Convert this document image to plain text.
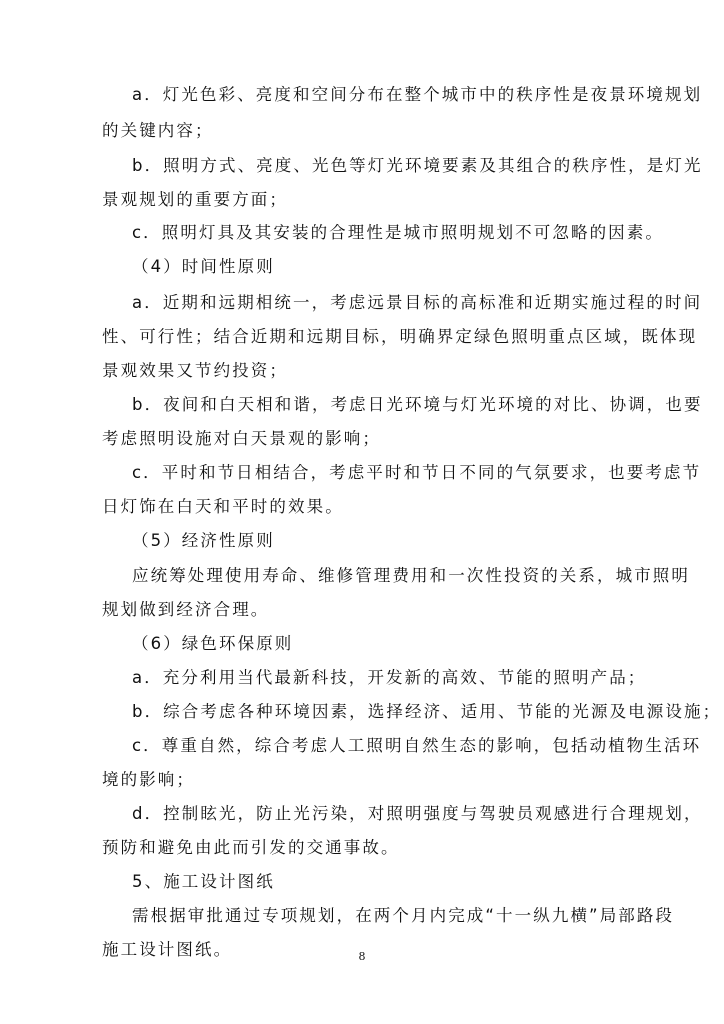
a．灯光色彩、亮度和空间分布在整个城市中的秩序性是夜景环境规划
的关键内容；
b．照明方式、亮度、光色等灯光环境要素及其组合的秩序性，是灯光
景观规划的重要方面；
c．照明灯具及其安装的合理性是城市照明规划不可忽略的因素。
（4）时间性原则
a．近期和远期相统一，考虑远景目标的高标准和近期实施过程的时间
性、可行性；结合近期和远期目标，明确界定绿色照明重点区域，既体现
景观效果又节约投资；
b．夜间和白天相和谐，考虑日光环境与灯光环境的对比、协调，也要
考虑照明设施对白天景观的影响；
c．平时和节日相结合，考虑平时和节日不同的气氛要求，也要考虑节
日灯饰在白天和平时的效果。
（5）经济性原则
应统筹处理使用寿命、维修管理费用和一次性投资的关系，城市照明
规划做到经济合理。
（6）绿色环保原则
a．充分利用当代最新科技，开发新的高效、节能的照明产品；
b．综合考虑各种环境因素，选择经济、适用、节能的光源及电源设施；
c．尊重自然，综合考虑人工照明自然生态的影响，包括动植物生活环
境的影响；
d．控制眩光，防止光污染，对照明强度与驾驶员观感进行合理规划，
预防和避免由此而引发的交通事故。
5、施工设计图纸
需根据审批通过专项规划，在两个月内完成“十一纵九横”局部路段
施工设计图纸。	8
